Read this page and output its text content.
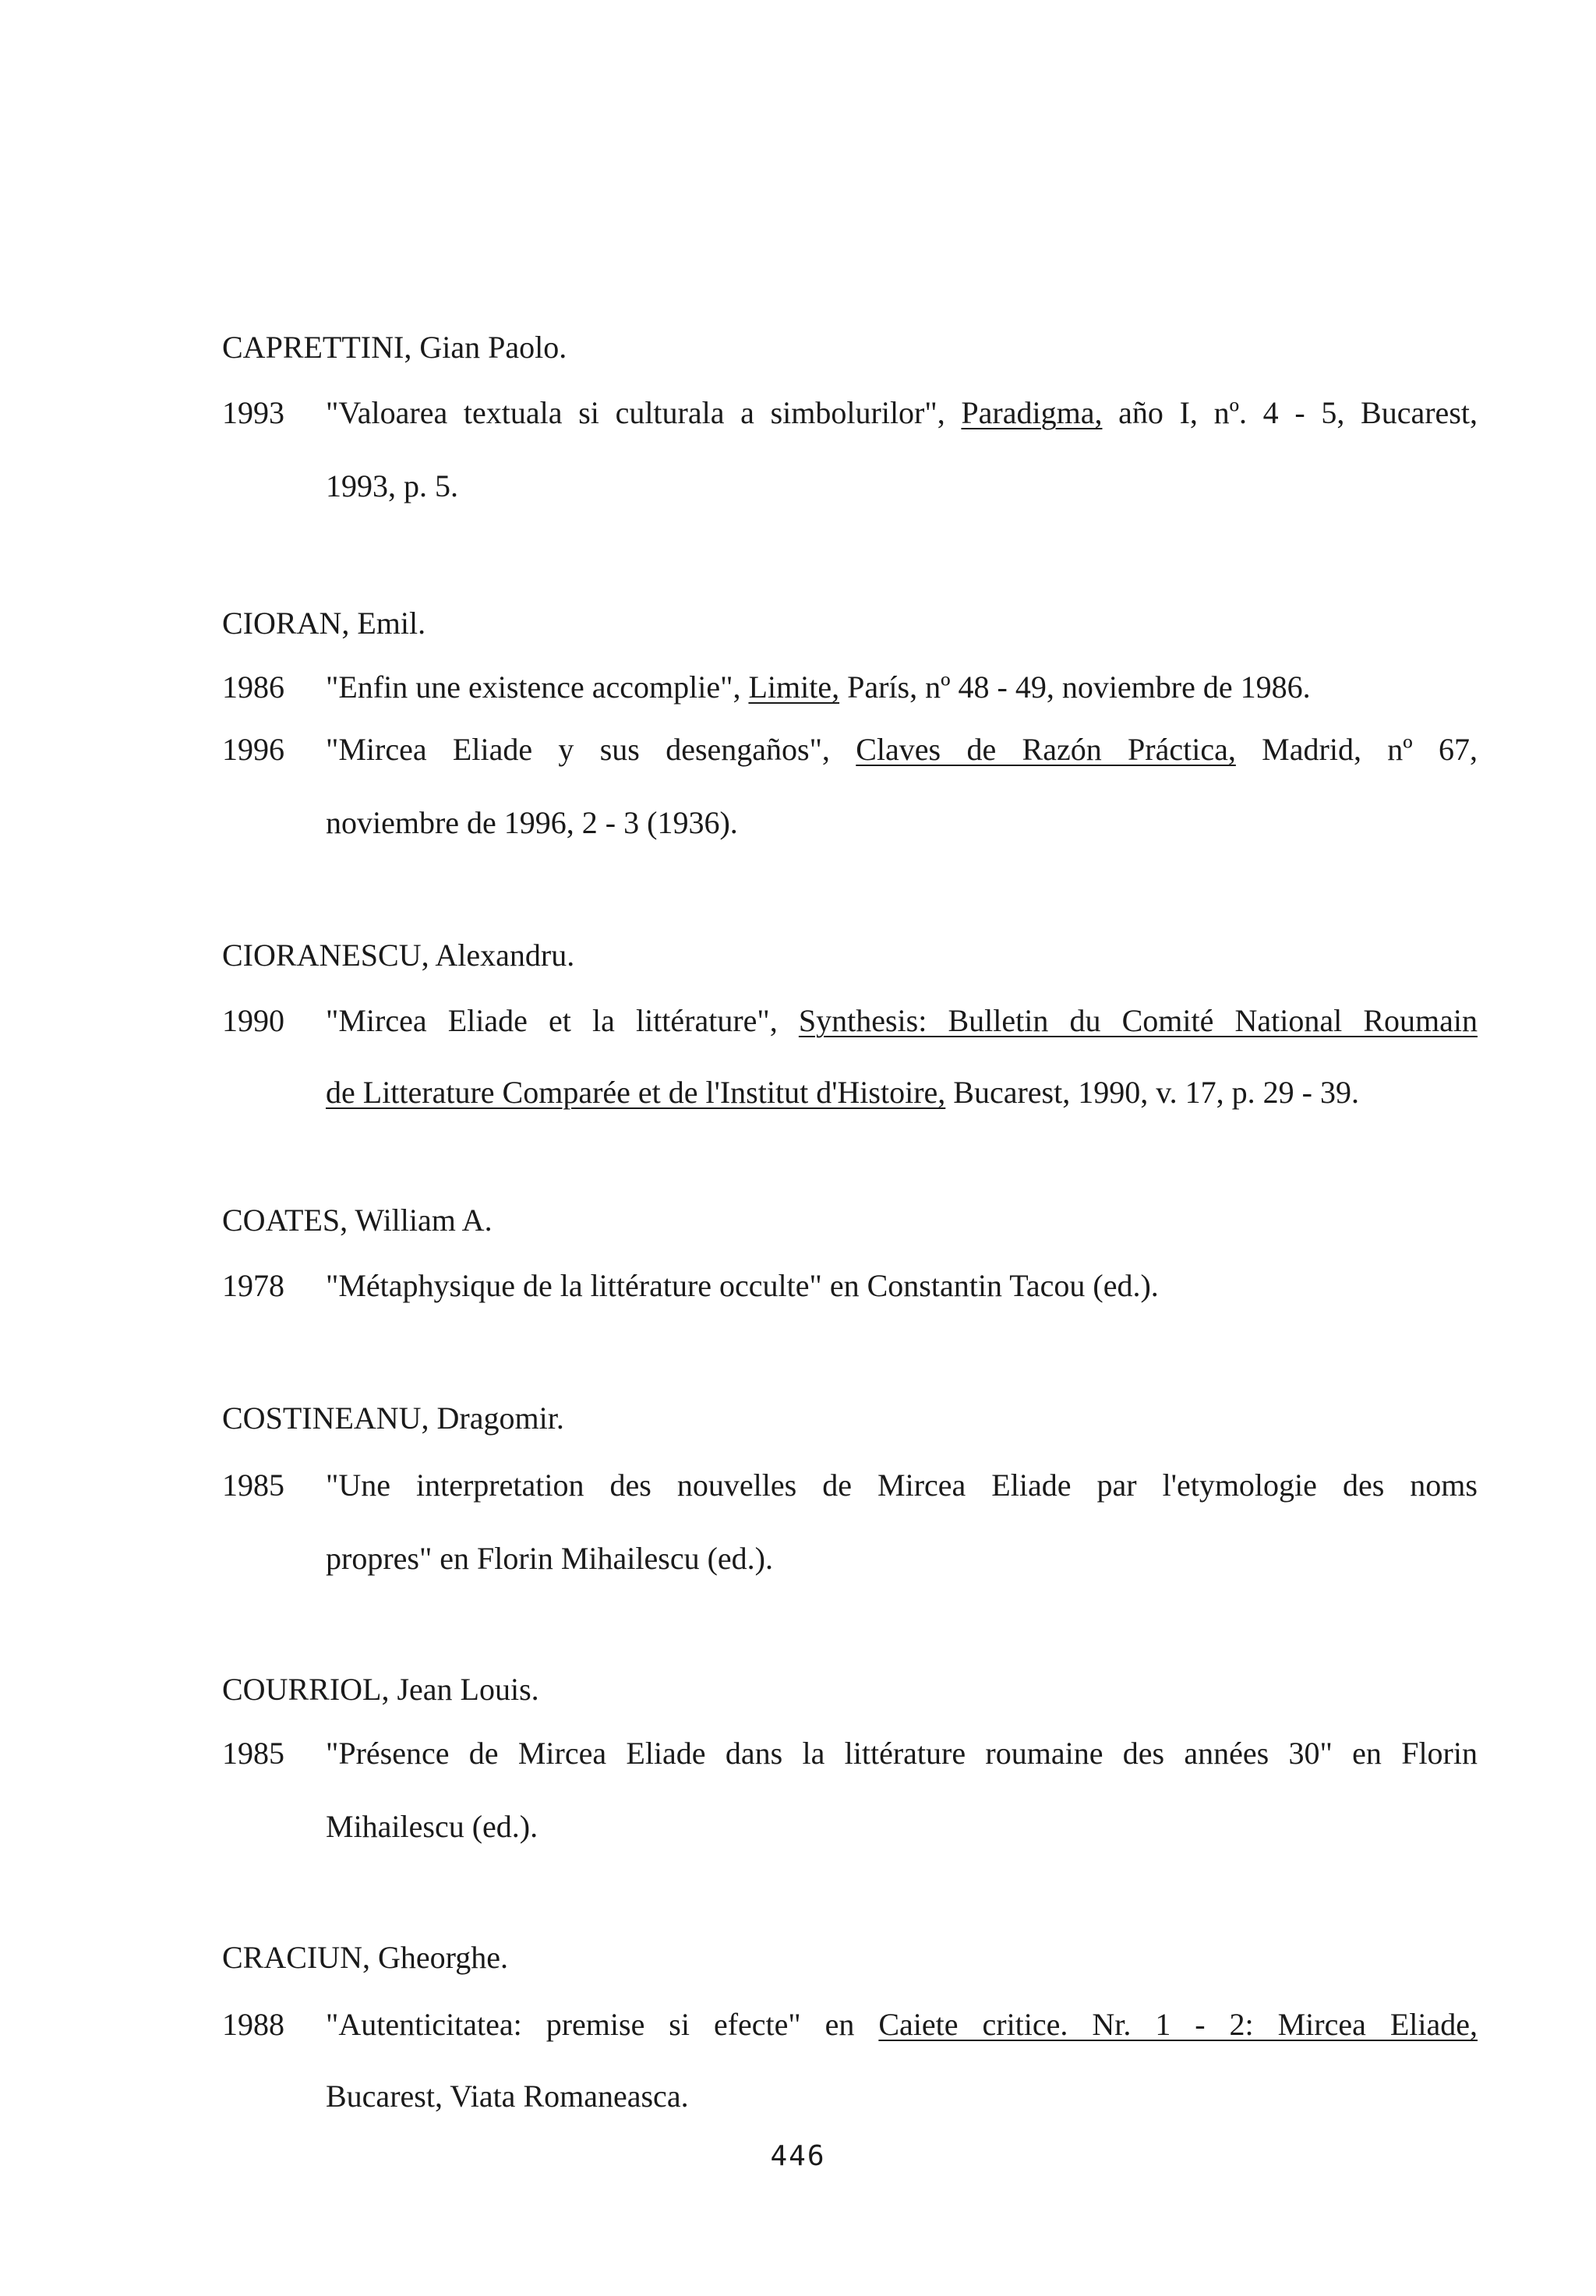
CAPRETTINI, Gian Paolo.
1993 "Valoarea textuala si culturala a simbolurilor", Paradigma, año I, nº. 4 - 5, Bucarest,
1993, p. 5.
CIORAN, Emil.
1986 "Enfin une existence accomplie", Limite, París, nº 48 - 49, noviembre de 1986.
1996 "Mircea Eliade y sus desengaños", Claves de Razón Práctica, Madrid, nº 67,
noviembre de 1996, 2 - 3 (1936).
CIORANESCU, Alexandru.
1990 "Mircea Eliade et la littérature", Synthesis: Bulletin du Comité National Roumain
de Litterature Comparée et de l'Institut d'Histoire, Bucarest, 1990, v. 17, p. 29 - 39.
COATES, William A.
1978 "Métaphysique de la littérature occulte" en Constantin Tacou (ed.).
COSTINEANU, Dragomir.
1985 "Une interpretation des nouvelles de Mircea Eliade par l'etymologie des noms
propres" en Florin Mihailescu (ed.).
COURRIOL, Jean Louis.
1985 "Présence de Mircea Eliade dans la littérature roumaine des années 30" en Florin
Mihailescu (ed.).
CRACIUN, Gheorghe.
1988 "Autenticitatea: premise si efecte" en Caiete critice. Nr. 1 - 2: Mircea Eliade,
Bucarest, Viata Romaneasca.
446
